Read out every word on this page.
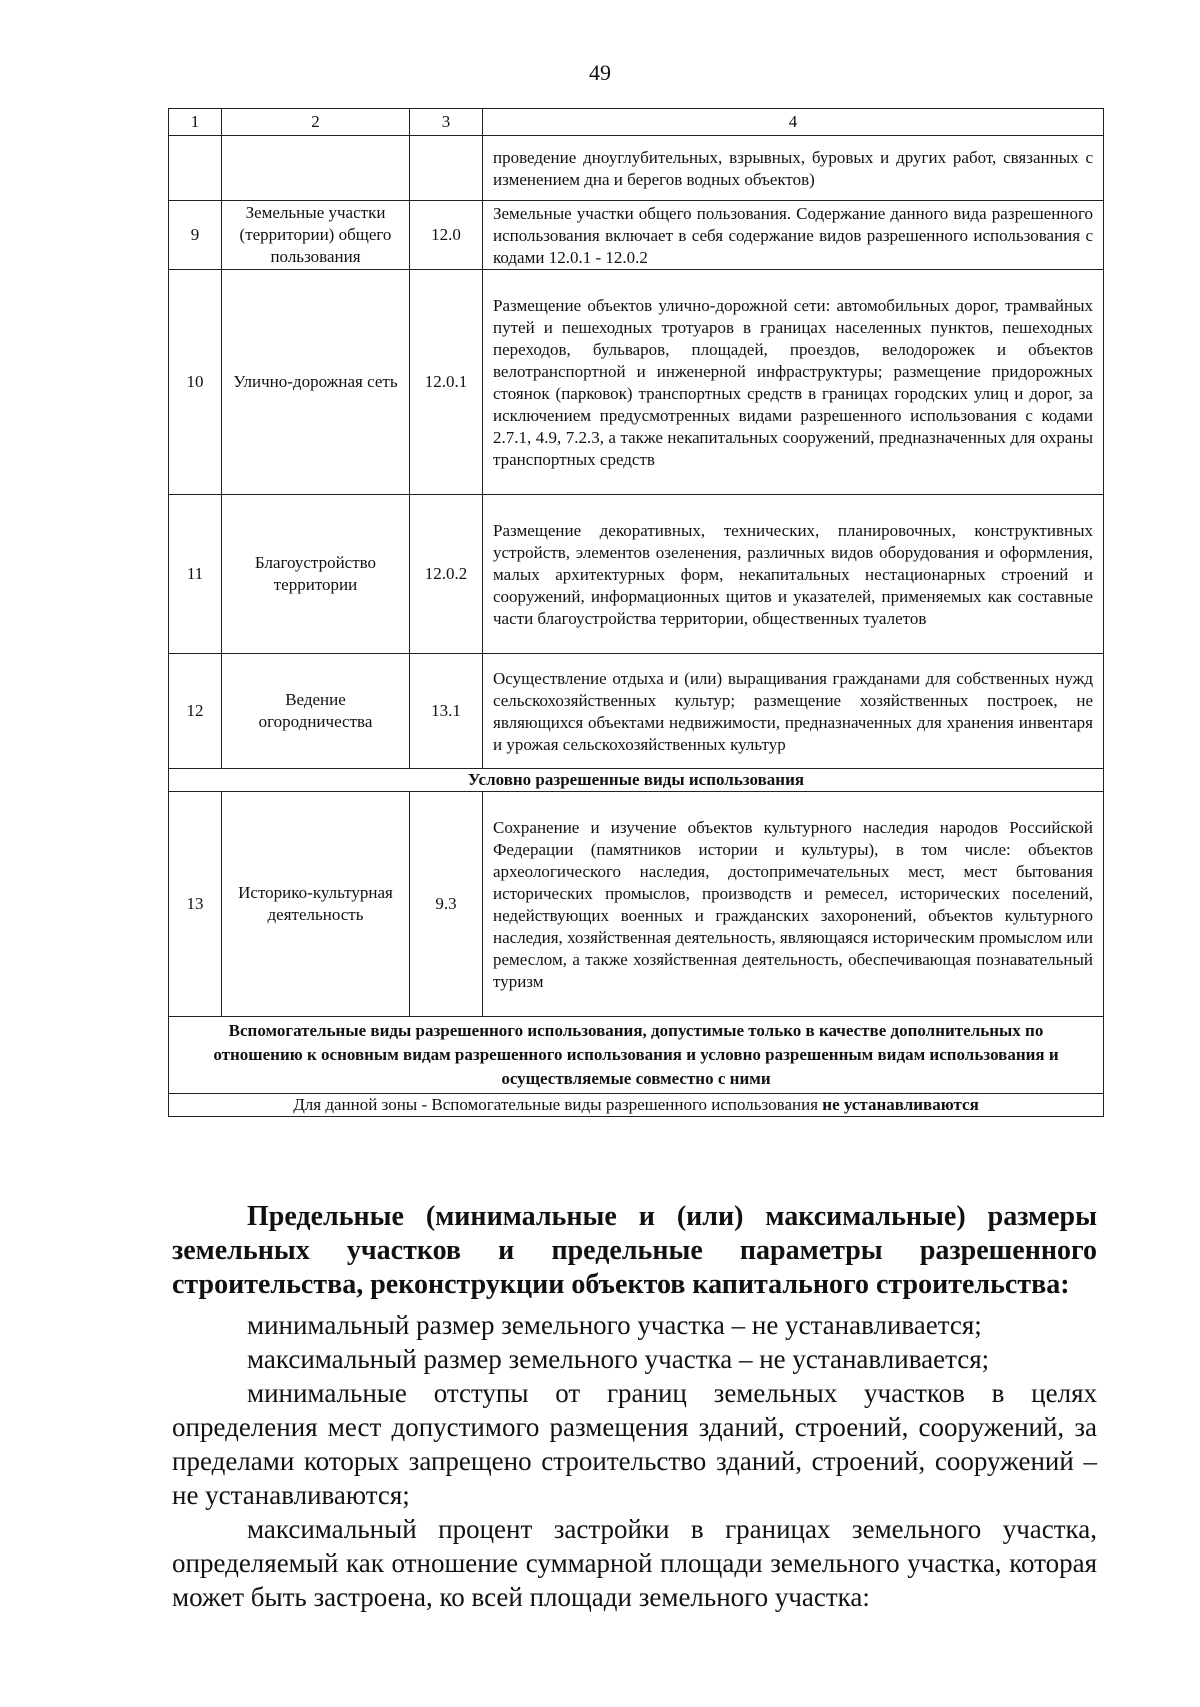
49
1	2	3	4
			проведение дноуглубительных, взрывных, буровых и других работ, связанных с изменением дна и берегов водных объектов)
9	Земельные участки (территории) общего пользования	12.0	Земельные участки общего пользования. Содержание данного вида разрешенного использования включает в себя содержание видов разрешенного использования с кодами 12.0.1 - 12.0.2
10	Улично-дорожная сеть	12.0.1	Размещение объектов улично-дорожной сети: автомобильных дорог, трамвайных путей и пешеходных тротуаров в границах населенных пунктов, пешеходных переходов, бульваров, площадей, проездов, велодорожек и объектов велотранспортной и инженерной инфраструктуры; размещение придорожных стоянок (парковок) транспортных средств в границах городских улиц и дорог, за исключением предусмотренных видами разрешенного использования с кодами 2.7.1, 4.9, 7.2.3, а также некапитальных сооружений, предназначенных для охраны транспортных средств
11	Благоустройство территории	12.0.2	Размещение декоративных, технических, планировочных, конструктивных устройств, элементов озеленения, различных видов оборудования и оформления, малых архитектурных форм, некапитальных нестационарных строений и сооружений, информационных щитов и указателей, применяемых как составные части благоустройства территории, общественных туалетов
12	Ведение огородничества	13.1	Осуществление отдыха и (или) выращивания гражданами для собственных нужд сельскохозяйственных культур; размещение хозяйственных построек, не являющихся объектами недвижимости, предназначенных для хранения инвентаря и урожая сельскохозяйственных культур
Условно разрешенные виды использования			
13	Историко-культурная деятельность	9.3	Сохранение и изучение объектов культурного наследия народов Российской Федерации (памятников истории и культуры), в том числе: объектов археологического наследия, достопримечательных мест, мест бытования исторических промыслов, производств и ремесел, исторических поселений, недействующих военных и гражданских захоронений, объектов культурного наследия, хозяйственная деятельность, являющаяся историческим промыслом или ремеслом, а также хозяйственная деятельность, обеспечивающая познавательный туризм
Вспомогательные виды разрешенного использования, допустимые только в качестве дополнительных по отношению к основным видам разрешенного использования и условно разрешенным видам использования и осуществляемые совместно с ними			
Для данной зоны - Вспомогательные виды разрешенного использования не устанавливаются			
Предельные (минимальные и (или) максимальные) размеры земельных участков и предельные параметры разрешенного строительства, реконструкции объектов капитального строительства:

минимальный размер земельного участка – не устанавливается;

максимальный размер земельного участка – не устанавливается;

минимальные отступы от границ земельных участков в целях определения мест допустимого размещения зданий, строений, сооружений, за пределами которых запрещено строительство зданий, строений, сооружений – не устанавливаются;

максимальный процент застройки в границах земельного участка, определяемый как отношение суммарной площади земельного участка, которая может быть застроена, ко всей площади земельного участка:
